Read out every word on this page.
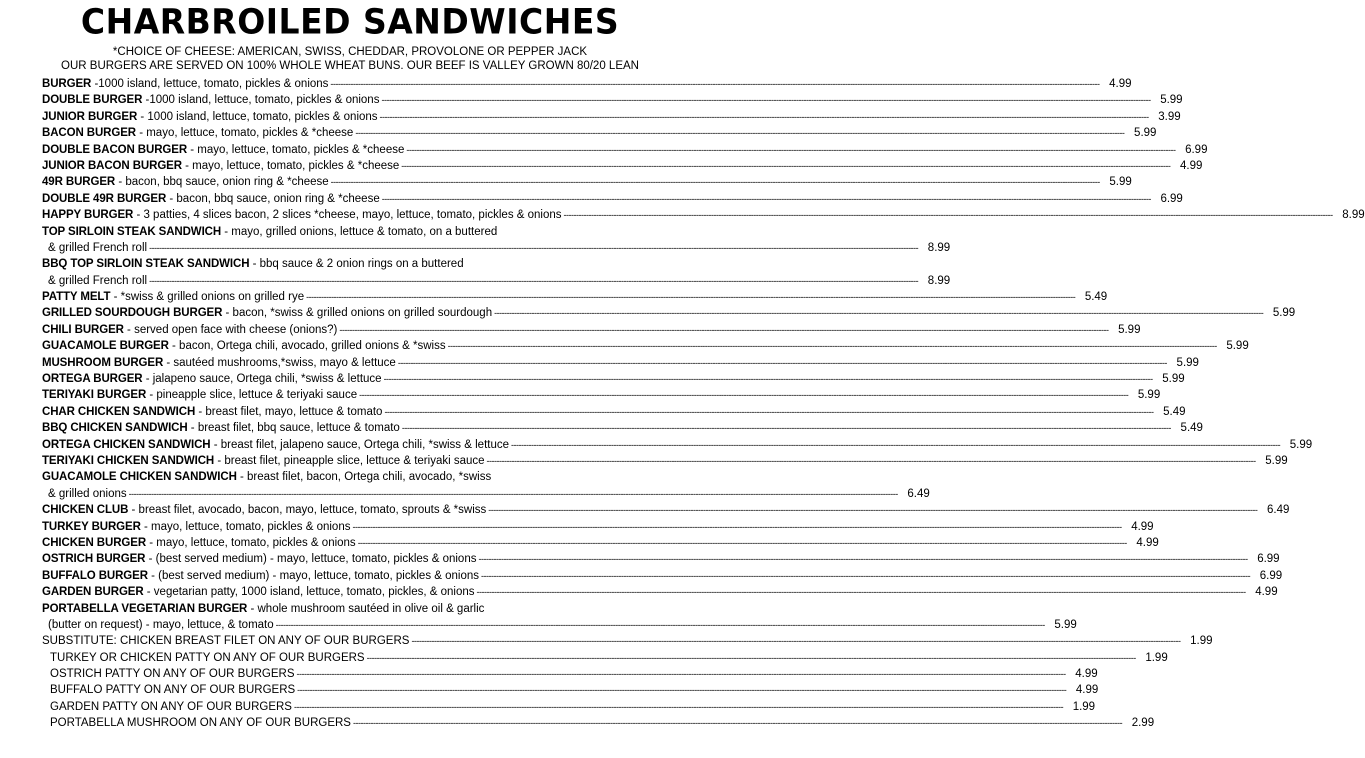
CHARBROILED SANDWICHES
*CHOICE OF CHEESE: AMERICAN, SWISS, CHEDDAR, PROVOLONE OR PEPPER JACK
OUR BURGERS ARE SERVED ON 100% WHOLE WHEAT BUNS. OUR BEEF IS VALLEY GROWN 80/20 LEAN
BURGER -1000 island, lettuce, tomato, pickles & onions -----	4.99
DOUBLE BURGER -1000 island, lettuce, tomato, pickles & onions -----	5.99
JUNIOR BURGER - 1000 island, lettuce, tomato, pickles & onions -----	3.99
BACON BURGER - mayo, lettuce, tomato, pickles & *cheese -----	5.99
DOUBLE BACON BURGER - mayo, lettuce, tomato, pickles & *cheese -----	6.99
JUNIOR BACON BURGER - mayo, lettuce, tomato, pickles & *cheese -----	4.99
49R BURGER - bacon, bbq sauce, onion ring & *cheese -----	5.99
DOUBLE 49R BURGER - bacon, bbq sauce, onion ring & *cheese -----	6.99
HAPPY BURGER - 3 patties, 4 slices bacon, 2 slices *cheese, mayo, lettuce, tomato, pickles & onions -----	8.99
TOP SIRLOIN STEAK SANDWICH - mayo, grilled onions, lettuce & tomato, on a buttered
& grilled French roll -----	8.99
BBQ TOP SIRLOIN STEAK SANDWICH - bbq sauce & 2 onion rings on a buttered
& grilled French roll -----	8.99
PATTY MELT - *swiss & grilled onions on grilled rye -----	5.49
GRILLED SOURDOUGH BURGER - bacon, *swiss & grilled onions on grilled sourdough -----	5.99
CHILI BURGER - served open face with cheese (onions?) -----	5.99
GUACAMOLE BURGER - bacon, Ortega chili, avocado, grilled onions & *swiss -----	5.99
MUSHROOM BURGER - sautéed mushrooms,*swiss, mayo & lettuce -----	5.99
ORTEGA BURGER - jalapeno sauce, Ortega chili, *swiss & lettuce -----	5.99
TERIYAKI BURGER - pineapple slice, lettuce & teriyaki sauce -----	5.99
CHAR CHICKEN SANDWICH - breast filet, mayo, lettuce & tomato -----	5.49
BBQ CHICKEN SANDWICH - breast filet, bbq sauce, lettuce & tomato -----	5.49
ORTEGA CHICKEN SANDWICH - breast filet, jalapeno sauce, Ortega chili, *swiss & lettuce -----	5.99
TERIYAKI CHICKEN SANDWICH - breast filet, pineapple slice, lettuce & teriyaki sauce -----	5.99
GUACAMOLE CHICKEN SANDWICH - breast filet, bacon, Ortega chili, avocado, *swiss
& grilled onions -----	6.49
CHICKEN CLUB - breast filet, avocado, bacon, mayo, lettuce, tomato, sprouts & *swiss -----	6.49
TURKEY BURGER - mayo, lettuce, tomato, pickles & onions -----	4.99
CHICKEN BURGER - mayo, lettuce, tomato, pickles & onions -----	4.99
OSTRICH BURGER - (best served medium) - mayo, lettuce, tomato, pickles & onions -----	6.99
BUFFALO BURGER - (best served medium) - mayo, lettuce, tomato, pickles & onions -----	6.99
GARDEN BURGER - vegetarian patty, 1000 island, lettuce, tomato, pickles, & onions -----	4.99
PORTABELLA VEGETARIAN BURGER - whole mushroom sautéed in olive oil & garlic
(butter on request) - mayo, lettuce, & tomato -----	5.99
SUBSTITUTE: CHICKEN BREAST FILET ON ANY OF OUR BURGERS -----	1.99
TURKEY OR CHICKEN PATTY ON ANY OF OUR BURGERS -----	1.99
OSTRICH PATTY ON ANY OF OUR BURGERS -----	4.99
BUFFALO PATTY ON ANY OF OUR BURGERS -----	4.99
GARDEN PATTY ON ANY OF OUR BURGERS -----	1.99
PORTABELLA MUSHROOM ON ANY OF OUR BURGERS -----	2.99
